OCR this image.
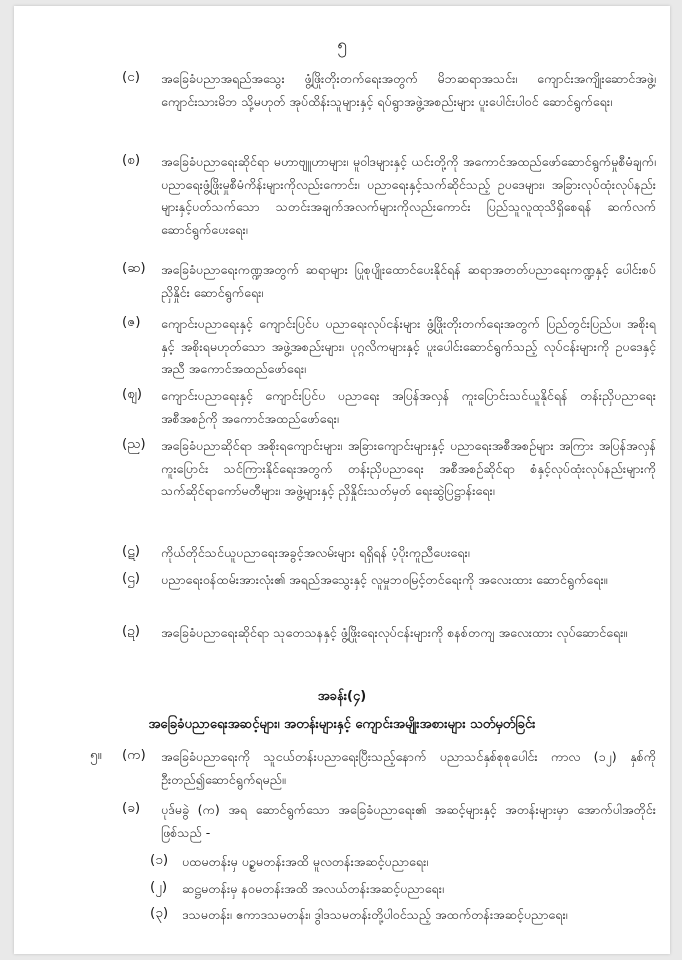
၅
(င) အခြေခံပညာအရည်အသွေး ဖွံ့ဖြိုးတိုးတက်ရေးအတွက် မိဘဆရာအသင်း၊ ကျောင်းအကျိုးဆောင်အဖွဲ့၊ ကျောင်းသားမိဘ သို့မဟုတ် အုပ်ထိန်းသူများနှင့် ရပ်ရွာအဖွဲ့အစည်းများ ပူးပေါင်းပါဝင် ဆောင်ရွက်ရေး၊
(စ) အခြေခံပညာရေးဆိုင်ရာ မဟာဗျူဟာများ၊ မူဝါဒများနှင့် ယင်းတို့ကို အကောင်အထည်ဖော်ဆောင်ရွက်မှုစီမံချက်၊ ပညာရေးဖွံ့ဖြိုးမှုစီမံကိန်းများကိုလည်းကောင်း၊ ပညာရေးနှင့်သက်ဆိုင်သည့် ဥပဒေများ၊ အခြားလုပ်ထုံးလုပ်နည်းများနှင့်ပတ်သက်သော သတင်းအချက်အလက်များကိုလည်းကောင်း ပြည်သူလူထုသိရှိစေရန် ဆက်လက်ဆောင်ရွက်ပေးရေး၊
(ဆ) အခြေခံပညာရေးကဏ္ဍအတွက် ဆရာများ ပြုစုပျိုးထောင်ပေးနိုင်ရန် ဆရာအတတ်ပညာရေးကဏ္ဍနှင့် ပေါင်းစပ်ညှိနှိုင်း ဆောင်ရွက်ရေး၊
(ဇ) ကျောင်းပညာရေးနှင့် ကျောင်းပြင်ပ ပညာရေးလုပ်ငန်းများ ဖွံ့ဖြိုးတိုးတက်ရေးအတွက် ပြည်တွင်းပြည်ပ၊ အစိုးရနှင့် အစိုးရမဟုတ်သော အဖွဲ့အစည်းများ၊ ပုဂ္ဂလိကများနှင့် ပူးပေါင်းဆောင်ရွက်သည့် လုပ်ငန်းများကို ဥပဒေနှင့်အညီ အကောင်အထည်ဖော်ရေး၊
(ဈ) ကျောင်းပညာရေးနှင့် ကျောင်းပြင်ပ ပညာရေး အပြန်အလှန် ကူးပြောင်းသင်ယူနိုင်ရန် တန်းညှိပညာရေး အစီအစဉ်ကို အကောင်အထည်ဖော်ရေး၊
(ည) အခြေခံပညာဆိုင်ရာ အစိုးရကျောင်းများ၊ အခြားကျောင်းများနှင့် ပညာရေးအစီအစဉ်များ အကြား အပြန်အလှန်ကူးပြောင်း သင်ကြားနိုင်ရေးအတွက် တန်းညှိပညာရေး အစီအစဉ်ဆိုင်ရာ စံနှင့်လုပ်ထုံးလုပ်နည်းများကို သက်ဆိုင်ရာကော်မတီများ၊ အဖွဲ့များနှင့် ညှိနှိုင်းသတ်မှတ် ရေးဆွဲပြဋ္ဌာန်းရေး၊
(ဋ) ကိုယ်တိုင်သင်ယူပညာရေးအခွင့်အလမ်းများ ရရှိရန် ပံ့ပိုးကူညီပေးရေး၊
(ဌ) ပညာရေးဝန်ထမ်းအားလုံး၏ အရည်အသွေးနှင့် လူမှုဘဝမြင့်တင်ရေးကို အလေးထား ဆောင်ရွက်ရေး။
(ဍ) အခြေခံပညာရေးဆိုင်ရာ သုတေသနနှင့် ဖွံ့ဖြိုးရေးလုပ်ငန်းများကို စနစ်တကျ အလေးထား လုပ်ဆောင်ရေး။
အခန်း(၄)
အခြေခံပညာရေးအဆင့်များ၊ အတန်းများနှင့် ကျောင်းအမျိုးအစားများ သတ်မှတ်ခြင်း
၅။ (က) အခြေခံပညာရေးကို သူငယ်တန်းပညာရေးပြီးသည့်နောက် ပညာသင်နှစ်စုစုပေါင်း ကာလ (၁၂) နှစ်ကို ဦးတည်၍ဆောင်ရွက်ရမည်။
(ခ) ပုဒ်မခွဲ (က) အရ ဆောင်ရွက်သော အခြေခံပညာရေး၏ အဆင့်များနှင့် အတန်းများမှာ အောက်ပါအတိုင်းဖြစ်သည် -
(၁) ပထမတန်းမှ ပဉ္စမတန်းအထိ မူလတန်းအဆင့်ပညာရေး၊
(၂) ဆဋ္ဌမတန်းမှ နဝမတန်းအထိ အလယ်တန်းအဆင့်ပညာရေး၊
(၃) ဒသမတန်း၊ ဧကာဒသမတန်း၊ ဒွါဒသမတန်းတို့ပါဝင်သည့် အထက်တန်းအဆင့်ပညာရေး၊
